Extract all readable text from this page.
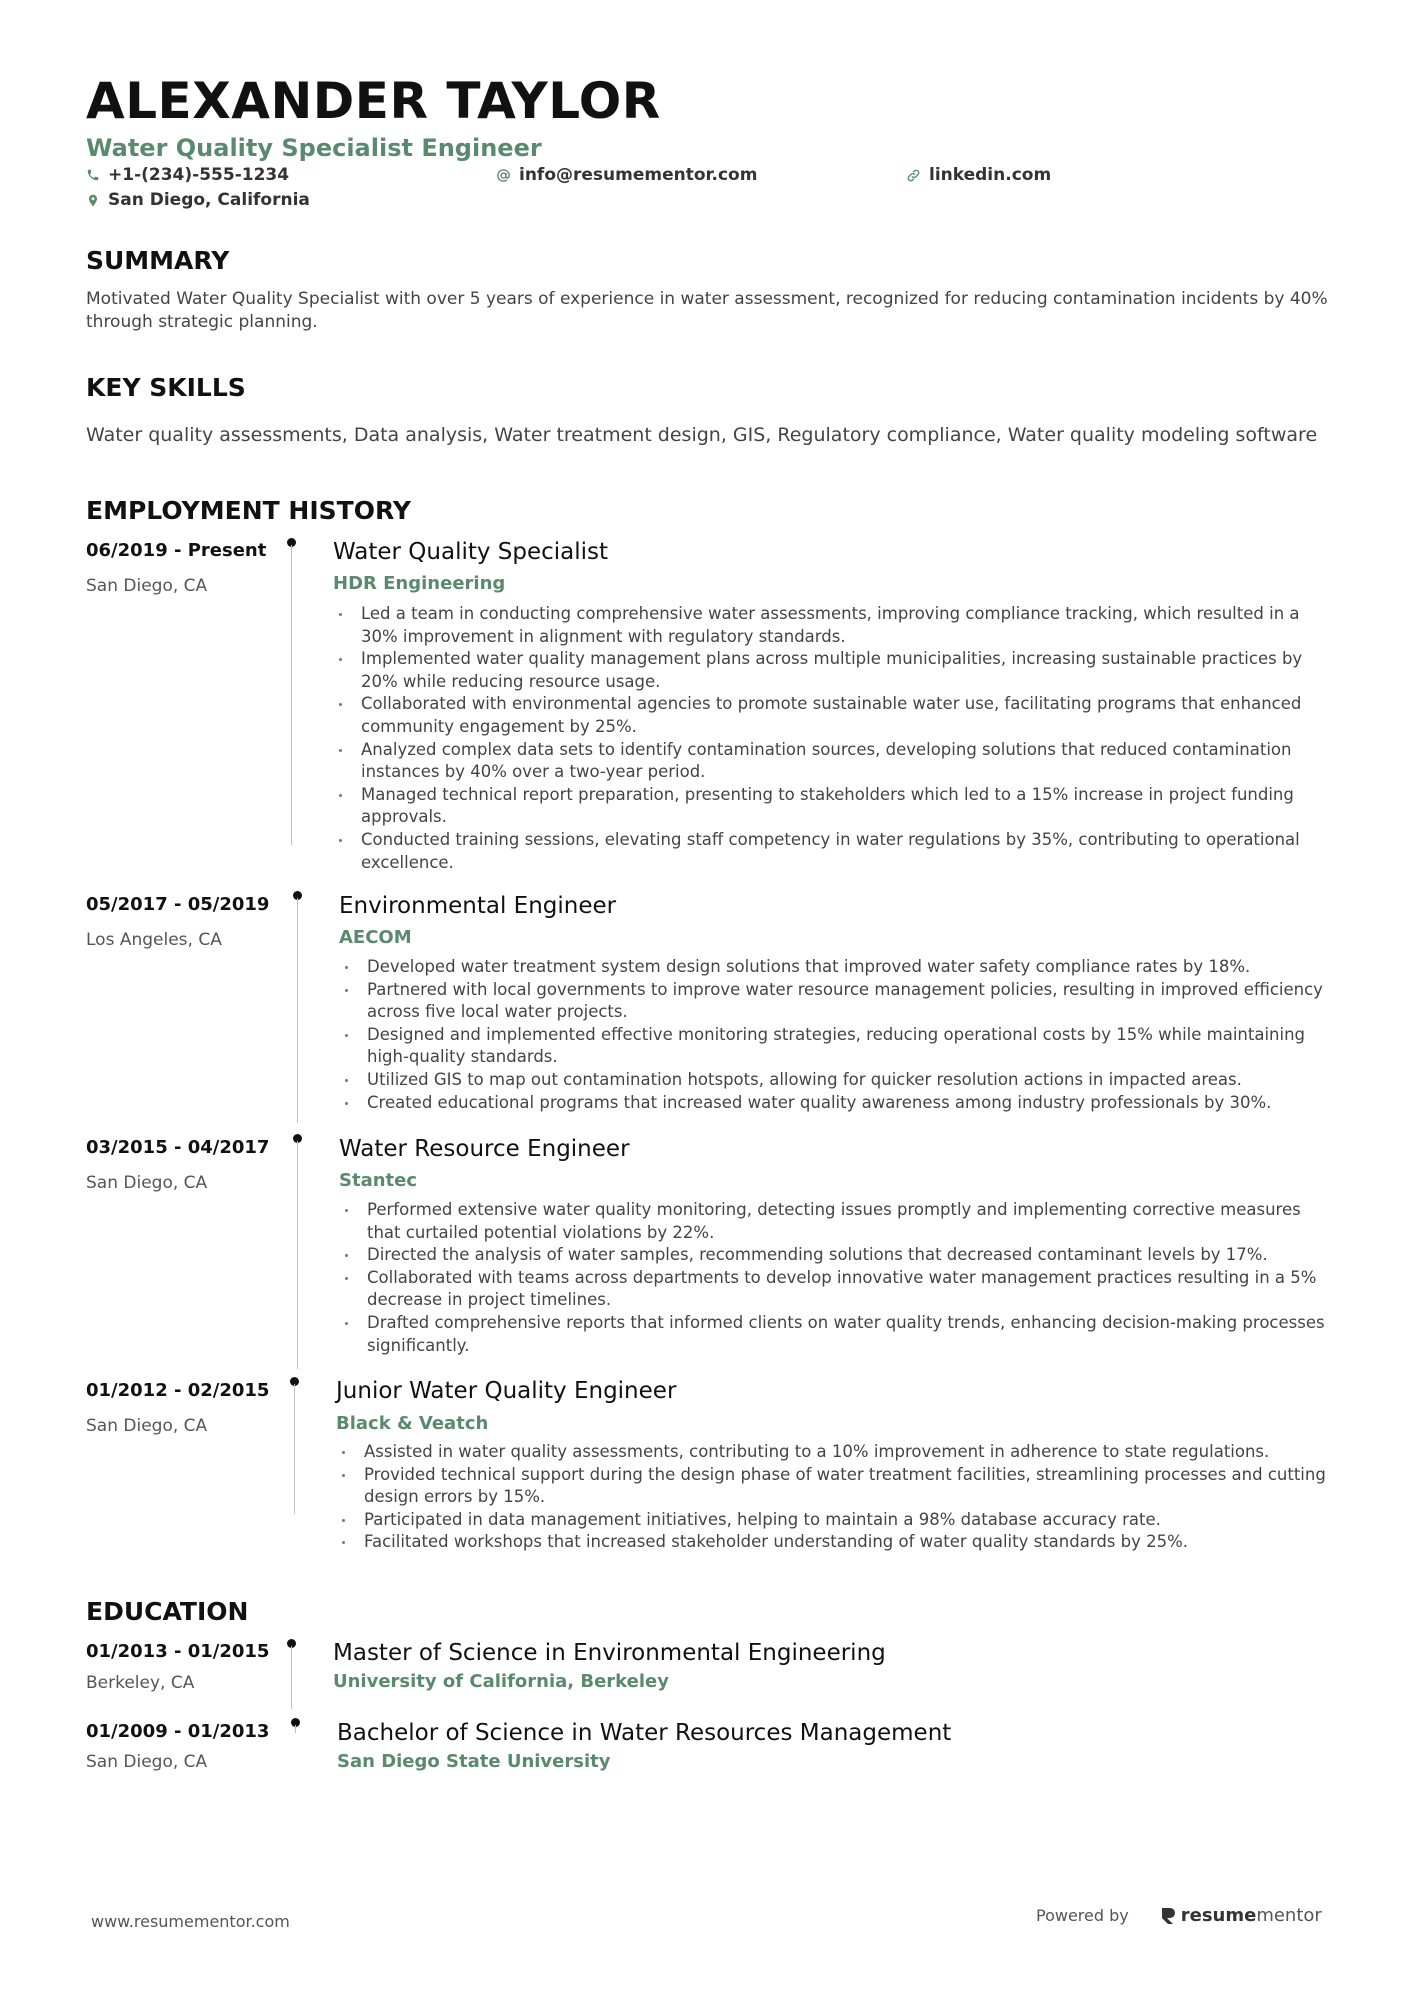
ALEXANDER TAYLOR
Water Quality Specialist Engineer
+1-(234)-555-1234	info@resumementor.com	linkedin.com
San Diego, California
SUMMARY
Motivated Water Quality Specialist with over 5 years of experience in water assessment, recognized for reducing contamination incidents by 40% through strategic planning.
KEY SKILLS
Water quality assessments, Data analysis, Water treatment design, GIS, Regulatory compliance, Water quality modeling software
EMPLOYMENT HISTORY
06/2019 - Present
San Diego, CA
Water Quality Specialist
HDR Engineering
Led a team in conducting comprehensive water assessments, improving compliance tracking, which resulted in a 30% improvement in alignment with regulatory standards.
Implemented water quality management plans across multiple municipalities, increasing sustainable practices by 20% while reducing resource usage.
Collaborated with environmental agencies to promote sustainable water use, facilitating programs that enhanced community engagement by 25%.
Analyzed complex data sets to identify contamination sources, developing solutions that reduced contamination instances by 40% over a two-year period.
Managed technical report preparation, presenting to stakeholders which led to a 15% increase in project funding approvals.
Conducted training sessions, elevating staff competency in water regulations by 35%, contributing to operational excellence.
05/2017 - 05/2019
Los Angeles, CA
Environmental Engineer
AECOM
Developed water treatment system design solutions that improved water safety compliance rates by 18%.
Partnered with local governments to improve water resource management policies, resulting in improved efficiency across five local water projects.
Designed and implemented effective monitoring strategies, reducing operational costs by 15% while maintaining high-quality standards.
Utilized GIS to map out contamination hotspots, allowing for quicker resolution actions in impacted areas.
Created educational programs that increased water quality awareness among industry professionals by 30%.
03/2015 - 04/2017
San Diego, CA
Water Resource Engineer
Stantec
Performed extensive water quality monitoring, detecting issues promptly and implementing corrective measures that curtailed potential violations by 22%.
Directed the analysis of water samples, recommending solutions that decreased contaminant levels by 17%.
Collaborated with teams across departments to develop innovative water management practices resulting in a 5% decrease in project timelines.
Drafted comprehensive reports that informed clients on water quality trends, enhancing decision-making processes significantly.
01/2012 - 02/2015
San Diego, CA
Junior Water Quality Engineer
Black & Veatch
Assisted in water quality assessments, contributing to a 10% improvement in adherence to state regulations.
Provided technical support during the design phase of water treatment facilities, streamlining processes and cutting design errors by 15%.
Participated in data management initiatives, helping to maintain a 98% database accuracy rate.
Facilitated workshops that increased stakeholder understanding of water quality standards by 25%.
EDUCATION
01/2013 - 01/2015
Berkeley, CA
Master of Science in Environmental Engineering
University of California, Berkeley
01/2009 - 01/2013
San Diego, CA
Bachelor of Science in Water Resources Management
San Diego State University
www.resumementor.com	Powered by	resume mentor
